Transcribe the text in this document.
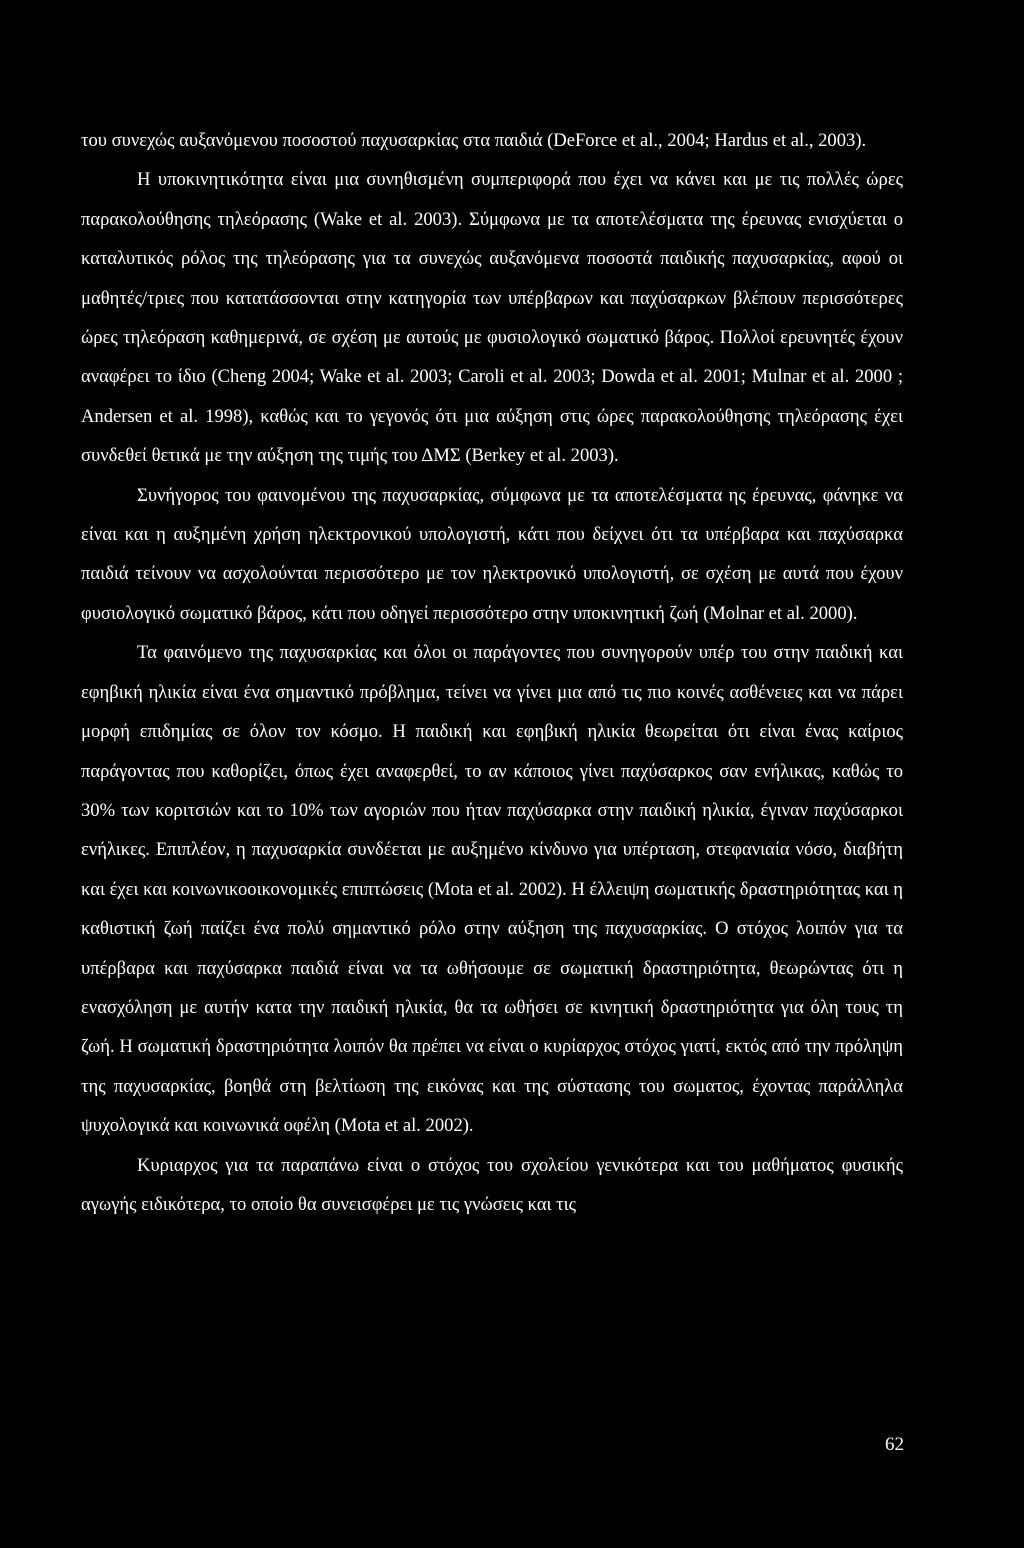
του συνεχώς αυξανόμενου ποσοστού παχυσαρκίας στα παιδιά (DeForce et al., 2004; Hardus et al., 2003).

Η υποκινητικότητα είναι μια συνηθισμένη συμπεριφορά που έχει να κάνει και με τις πολλές ώρες παρακολούθησης τηλεόρασης (Wake et al. 2003). Σύμφωνα με τα αποτελέσματα της έρευνας ενισχύεται ο καταλυτικός ρόλος της τηλεόρασης για τα συνεχώς αυξανόμενα ποσοστά παιδικής παχυσαρκίας, αφού οι μαθητές/τριες που κατατάσσονται στην κατηγορία των υπέρβαρων και παχύσαρκων βλέπουν περισσότερες ώρες τηλεόραση καθημερινά, σε σχέση με αυτούς με φυσιολογικό σωματικό βάρος. Πολλοί ερευνητές έχουν αναφέρει το ίδιο (Cheng 2004; Wake et al. 2003; Caroli et al. 2003; Dowda et al. 2001; Mulnar et al. 2000 ; Andersen et al. 1998), καθώς και το γεγονός ότι μια αύξηση στις ώρες παρακολούθησης τηλεόρασης έχει συνδεθεί θετικά με την αύξηση της τιμής του ΔΜΣ (Berkey et al. 2003).

Συνήγορος του φαινομένου της παχυσαρκίας, σύμφωνα με τα αποτελέσματα ης έρευνας, φάνηκε να είναι και η αυξημένη χρήση ηλεκτρονικού υπολογιστή, κάτι που δείχνει ότι τα υπέρβαρα και παχύσαρκα παιδιά τείνουν να ασχολούνται περισσότερο με τον ηλεκτρονικό υπολογιστή, σε σχέση με αυτά που έχουν φυσιολογικό σωματικό βάρος, κάτι που οδηγεί περισσότερο στην υποκινητική ζωή (Molnar et al. 2000).

Τα φαινόμενο της παχυσαρκίας και όλοι οι παράγοντες που συνηγορούν υπέρ του στην παιδική και εφηβική ηλικία είναι ένα σημαντικό πρόβλημα, τείνει να γίνει μια από τις πιο κοινές ασθένειες και να πάρει μορφή επιδημίας σε όλον τον κόσμο. Η παιδική και εφηβική ηλικία θεωρείται ότι είναι ένας καίριος παράγοντας που καθορίζει, όπως έχει αναφερθεί, το αν κάποιος γίνει παχύσαρκος σαν ενήλικας, καθώς το 30% των κοριτσιών και το 10% των αγοριών που ήταν παχύσαρκα στην παιδική ηλικία, έγιναν παχύσαρκοι ενήλικες. Επιπλέον, η παχυσαρκία συνδέεται με αυξημένο κίνδυνο για υπέρταση, στεφανιαία νόσο, διαβήτη και έχει και κοινωνικοοικονομικές επιπτώσεις (Mota et al. 2002). Η έλλειψη σωματικής δραστηριότητας και η καθιστική ζωή παίζει ένα πολύ σημαντικό ρόλο στην αύξηση της παχυσαρκίας. Ο στόχος λοιπόν για τα υπέρβαρα και παχύσαρκα παιδιά είναι να τα ωθήσουμε σε σωματική δραστηριότητα, θεωρώντας ότι η ενασχόληση με αυτήν κατα την παιδική ηλικία, θα τα ωθήσει σε κινητική δραστηριότητα για όλη τους τη ζωή. Η σωματική δραστηριότητα λοιπόν θα πρέπει να είναι ο κυρίαρχος στόχος γιατί, εκτός από την πρόληψη της παχυσαρκίας, βοηθά στη βελτίωση της εικόνας και της σύστασης του σωματος, έχοντας παράλληλα ψυχολογικά και κοινωνικά οφέλη (Mota et al. 2002).

Κυριαρχος για τα παραπάνω είναι ο στόχος του σχολείου γενικότερα και του μαθήματος φυσικής αγωγής ειδικότερα, το οποίο θα συνεισφέρει με τις γνώσεις και τις

62
